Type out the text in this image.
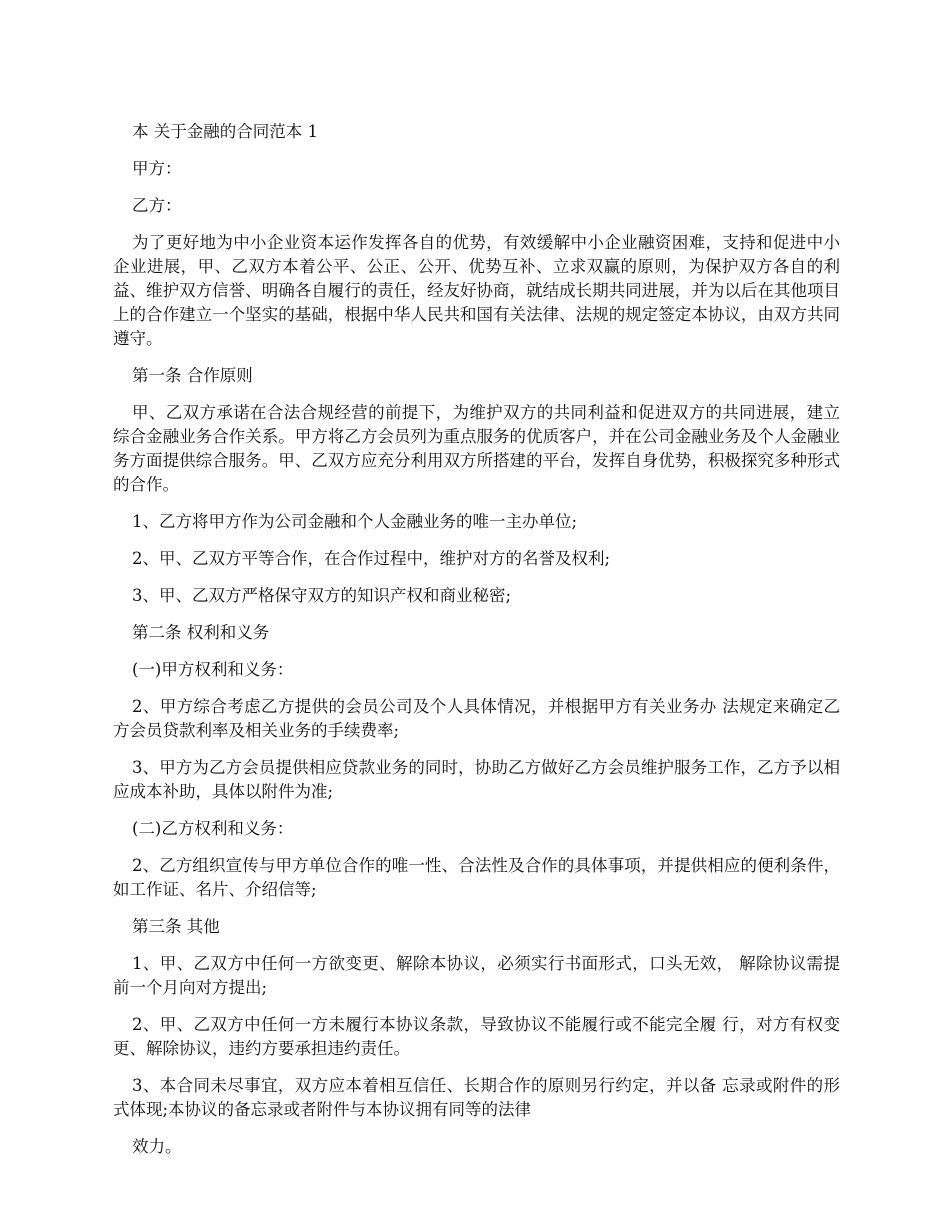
本 关于金融的合同范本 1

甲方：

乙方：

为了更好地为中小企业资本运作发挥各自的优势，有效缓解中小企业融资困难，支持和促进中小企业进展，甲、乙双方本着公平、公正、公开、优势互补、立求双赢的原则，为保护双方各自的利益、维护双方信誉、明确各自履行的责任，经友好协商，就结成长期共同进展，并为以后在其他项目上的合作建立一个坚实的基础，根据中华人民共和国有关法律、法规的规定签定本协议，由双方共同遵守。

第一条 合作原则

甲、乙双方承诺在合法合规经营的前提下，为维护双方的共同利益和促进双方的共同进展，建立综合金融业务合作关系。甲方将乙方会员列为重点服务的优质客户，并在公司金融业务及个人金融业务方面提供综合服务。甲、乙双方应充分利用双方所搭建的平台，发挥自身优势，积极探究多种形式的合作。

1、乙方将甲方作为公司金融和个人金融业务的唯一主办单位;

2、甲、乙双方平等合作，在合作过程中，维护对方的名誉及权利;

3、甲、乙双方严格保守双方的知识产权和商业秘密;

第二条 权利和义务

(一)甲方权利和义务：

2、甲方综合考虑乙方提供的会员公司及个人具体情况，并根据甲方有关业务办 法规定来确定乙方会员贷款利率及相关业务的手续费率;

3、甲方为乙方会员提供相应贷款业务的同时，协助乙方做好乙方会员维护服务工作，乙方予以相应成本补助，具体以附件为准;

(二)乙方权利和义务：

2、乙方组织宣传与甲方单位合作的唯一性、合法性及合作的具体事项，并提供相应的便利条件，如工作证、名片、介绍信等;

第三条 其他

1、甲、乙双方中任何一方欲变更、解除本协议，必须实行书面形式，口头无效， 解除协议需提前一个月向对方提出;

2、甲、乙双方中任何一方未履行本协议条款，导致协议不能履行或不能完全履 行，对方有权变更、解除协议，违约方要承担违约责任。

3、本合同未尽事宜，双方应本着相互信任、长期合作的原则另行约定，并以备 忘录或附件的形式体现;本协议的备忘录或者附件与本协议拥有同等的法律

效力。
